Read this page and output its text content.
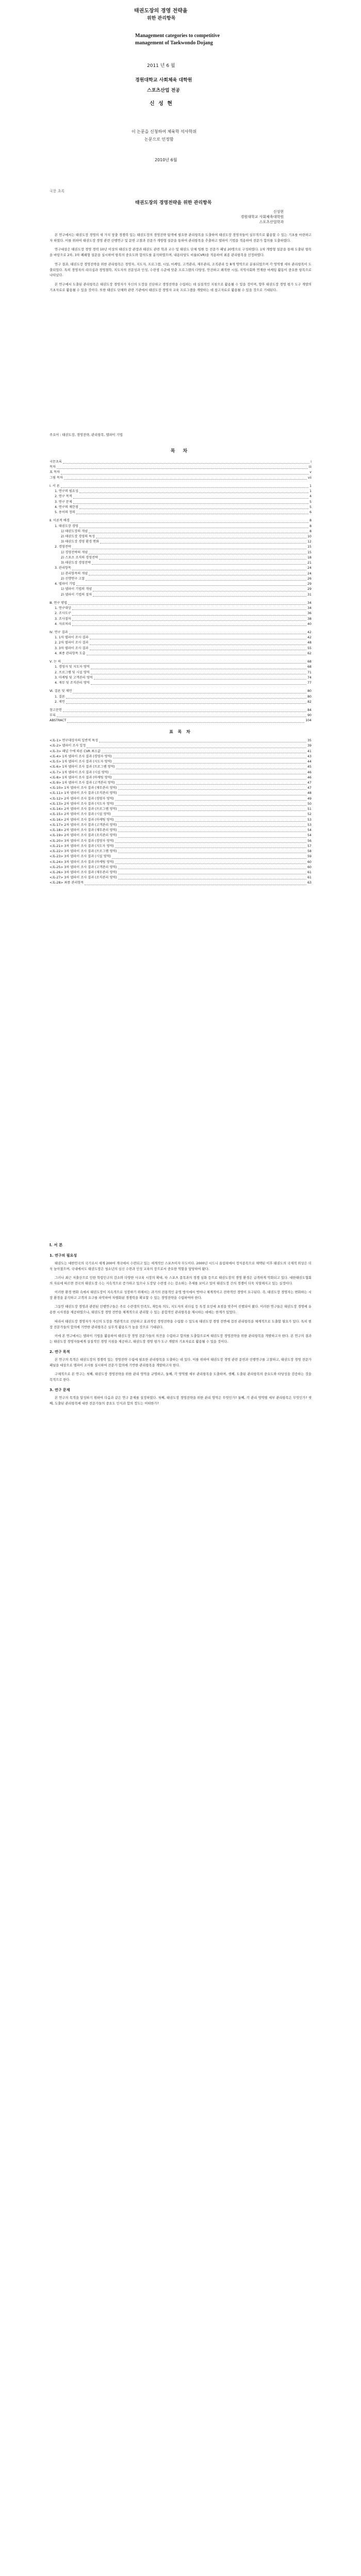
태권도장의 경영 전략을
위한 관리항목
Management categories to competitive
management of Taekwondo Dojang
2011 년 6 월
경원대학교 사회체육 대학원
스포츠산업 전공
신 성 현
이 논문을 신청하여 체육학 석사학위
논문으로 인정함
2010년 6월
국문 초록
태권도장의 경영전략을 위한 관리항목
신성현
경원대학교 사회체육대학원
스포츠산업학과

본 연구에서는 태권도장 경영의 새 가치 창출 경쟁력 있는 태권도장의 경영전략 탐색에 필요한 관리항목을 도출하여 태권도장 경영자들이 실무적으로 활용할 수 있는 기초를 마련하고자 하였다. 이를 위하여 태권도장 경영 관련 선행연구 및 문헌 고찰과 전문가 개방형 설문을 통하여 관리항목을 추출하고 델파이 기법을 적용하여 전문가 합의를 도출하였다.

연구대상은 태권도장 경영 경력 10년 이상의 태권도장 관장과 태권도 관련 학과 교수 및 태권도 단체 임원 등 전문가 패널 20명으로 구성하였다. 1차 개방형 설문을 통해 도출된 항목을 바탕으로 2차, 3차 폐쇄형 설문을 실시하여 항목의 중요도와 합의도를 분석하였으며, 내용타당도 비율(CVR)을 적용하여 최종 관리항목을 선정하였다.

연구 결과, 태권도장 경영전략을 위한 관리항목은 경영자, 지도자, 프로그램, 시설, 마케팅, 고객관리, 재무관리, 조직관리 등 8개 영역으로 분류되었으며 각 영역별 세부 관리항목이 도출되었다. 특히 경영자의 리더십과 경영철학, 지도자의 전문성과 인성, 수련생 수준에 맞춘 프로그램의 다양성, 안전하고 쾌적한 시설, 지역사회와 연계한 마케팅 활동이 중요한 항목으로 나타났다.

본 연구에서 도출된 관리항목은 태권도장 경영자가 자신의 도장을 진단하고 경영전략을 수립하는 데 실질적인 지침으로 활용될 수 있을 것이며, 향후 태권도장 경영 평가 도구 개발의 기초자료로 활용될 수 있을 것이다. 또한 태권도 단체와 관련 기관에서 태권도장 경영자 교육 프로그램을 개발하는 데 참고자료로 활용될 수 있을 것으로 기대된다.

주요어 : 태권도장, 경영전략, 관리항목, 델파이 기법
목 차
국문초록	i
목차	iii
표 목차	v
그림 목차	vii
Ⅰ. 서 론	1
1. 연구의 필요성	1
2. 연구 목적	4
3. 연구 문제	5
4. 연구의 제한점	5
5. 용어의 정의	6
Ⅱ. 이론적 배경	8
1. 태권도장 경영	8
1) 태권도장의 개념	8
2) 태권도장 경영의 특성	10
3) 태권도장 경영 환경 변화	12
2. 경영전략	15
1) 경영전략의 개념	15
2) 스포츠 조직의 경영전략	18
3) 태권도장 경영전략	21
3. 관리항목	24
1) 관리항목의 개념	24
2) 선행연구 고찰	26
4. 델파이 기법	29
1) 델파이 기법의 개념	29
2) 델파이 기법의 절차	31
Ⅲ. 연구 방법	34
1. 연구대상	34
2. 조사도구	36
3. 조사절차	38
4. 자료처리	40
Ⅳ. 연구 결과	42
1. 1차 델파이 조사 결과	42
2. 2차 델파이 조사 결과	48
3. 3차 델파이 조사 결과	55
4. 최종 관리항목 도출	62
Ⅴ. 논 의	68
1. 경영자 및 지도자 영역	68
2. 프로그램 및 시설 영역	71
3. 마케팅 및 고객관리 영역	74
4. 재무 및 조직관리 영역	77
Ⅵ. 결론 및 제언	80
1. 결론	80
2. 제언	82
참고문헌	84
부록	90
ABSTRACT	104
표 목 차
<표-1> 연구대상자의 일반적 특성	35
<표-2> 델파이 조사 일정	39
<표-3> 패널 수에 따른 CVR 최소값	41
<표-4> 1차 델파이 조사 결과 (경영자 영역)	43
<표-5> 1차 델파이 조사 결과 (지도자 영역)	44
<표-6> 1차 델파이 조사 결과 (프로그램 영역)	45
<표-7> 1차 델파이 조사 결과 (시설 영역)	46
<표-8> 1차 델파이 조사 결과 (마케팅 영역)	46
<표-9> 1차 델파이 조사 결과 (고객관리 영역)	47
<표-10> 1차 델파이 조사 결과 (재무관리 영역)	47
<표-11> 1차 델파이 조사 결과 (조직관리 영역)	48
<표-12> 2차 델파이 조사 결과 (경영자 영역)	49
<표-13> 2차 델파이 조사 결과 (지도자 영역)	50
<표-14> 2차 델파이 조사 결과 (프로그램 영역)	51
<표-15> 2차 델파이 조사 결과 (시설 영역)	52
<표-16> 2차 델파이 조사 결과 (마케팅 영역)	53
<표-17> 2차 델파이 조사 결과 (고객관리 영역)	53
<표-18> 2차 델파이 조사 결과 (재무관리 영역)	54
<표-19> 2차 델파이 조사 결과 (조직관리 영역)	54
<표-20> 3차 델파이 조사 결과 (경영자 영역)	56
<표-21> 3차 델파이 조사 결과 (지도자 영역)	57
<표-22> 3차 델파이 조사 결과 (프로그램 영역)	58
<표-23> 3차 델파이 조사 결과 (시설 영역)	59
<표-24> 3차 델파이 조사 결과 (마케팅 영역)	60
<표-25> 3차 델파이 조사 결과 (고객관리 영역)	60
<표-26> 3차 델파이 조사 결과 (재무관리 영역)	61
<표-27> 3차 델파이 조사 결과 (조직관리 영역)	61
<표-28> 최종 관리항목	63
Ⅰ. 서 론
1. 연구의 필요성

태권도는 대한민국의 국기로서 세계 200여 개국에서 수련되고 있는 세계적인 스포츠이자 무도이다. 2000년 시드니 올림픽에서 정식종목으로 채택된 이후 태권도의 국제적 위상은 더욱 높아졌으며, 국내에서도 태권도장은 청소년의 심신 수련과 인성 교육의 장으로서 중요한 역할을 담당하여 왔다.

그러나 최근 저출산으로 인한 학령인구의 감소와 다양한 사교육 시장의 확대, 타 스포츠 종목과의 경쟁 심화 등으로 태권도장의 경영 환경은 급격하게 악화되고 있다. 대한태권도협회의 자료에 따르면 전국의 태권도장 수는 지속적으로 증가하고 있으나 도장당 수련생 수는 감소하는 추세를 보이고 있어 태권도장 간의 경쟁이 더욱 치열해지고 있는 실정이다.

이러한 환경 변화 속에서 태권도장이 지속적으로 성장하기 위해서는 과거의 전통적인 운영 방식에서 벗어나 체계적이고 전략적인 경영이 요구된다. 즉, 태권도장 경영자는 변화하는 시장 환경을 분석하고 고객의 요구를 파악하여 차별화된 경쟁력을 확보할 수 있는 경영전략을 수립하여야 한다.

그동안 태권도장 경영과 관련된 선행연구들은 주로 수련생의 만족도, 재등록 의도, 지도자의 리더십 등 특정 요인에 초점을 맞추어 진행되어 왔다. 이러한 연구들은 태권도장 경영에 유용한 시사점을 제공하였으나, 태권도장 경영 전반을 체계적으로 관리할 수 있는 종합적인 관리항목을 제시하는 데에는 한계가 있었다.

따라서 태권도장 경영자가 자신의 도장을 객관적으로 진단하고 효과적인 경영전략을 수립할 수 있도록 태권도장 경영 전반에 걸친 관리항목을 체계적으로 도출할 필요가 있다. 특히 현장 전문가들의 합의에 기반한 관리항목은 실무적 활용도가 높을 것으로 기대된다.

이에 본 연구에서는 델파이 기법을 활용하여 태권도장 경영 전문가들의 의견을 수렴하고 합의를 도출함으로써 태권도장 경영전략을 위한 관리항목을 개발하고자 한다. 본 연구의 결과는 태권도장 경영자들에게 실질적인 경영 지침을 제공하고, 태권도장 경영 평가 도구 개발의 기초자료로 활용될 수 있을 것이다.

2. 연구 목적

본 연구의 목적은 태권도장의 경쟁력 있는 경영전략 수립에 필요한 관리항목을 도출하는 데 있다. 이를 위하여 태권도장 경영 관련 문헌과 선행연구를 고찰하고, 태권도장 경영 전문가 패널을 대상으로 델파이 조사를 실시하여 전문가 합의에 기반한 관리항목을 개발하고자 한다.

구체적으로 본 연구는 첫째, 태권도장 경영전략을 위한 관리 영역을 규명하고, 둘째, 각 영역별 세부 관리항목을 도출하며, 셋째, 도출된 관리항목의 중요도와 타당성을 검증하는 것을 목적으로 한다.

3. 연구 문제

본 연구의 목적을 달성하기 위하여 다음과 같은 연구 문제를 설정하였다. 첫째, 태권도장 경영전략을 위한 관리 영역은 무엇인가? 둘째, 각 관리 영역별 세부 관리항목은 무엇인가? 셋째, 도출된 관리항목에 대한 전문가들의 중요도 인식과 합의 정도는 어떠한가?
